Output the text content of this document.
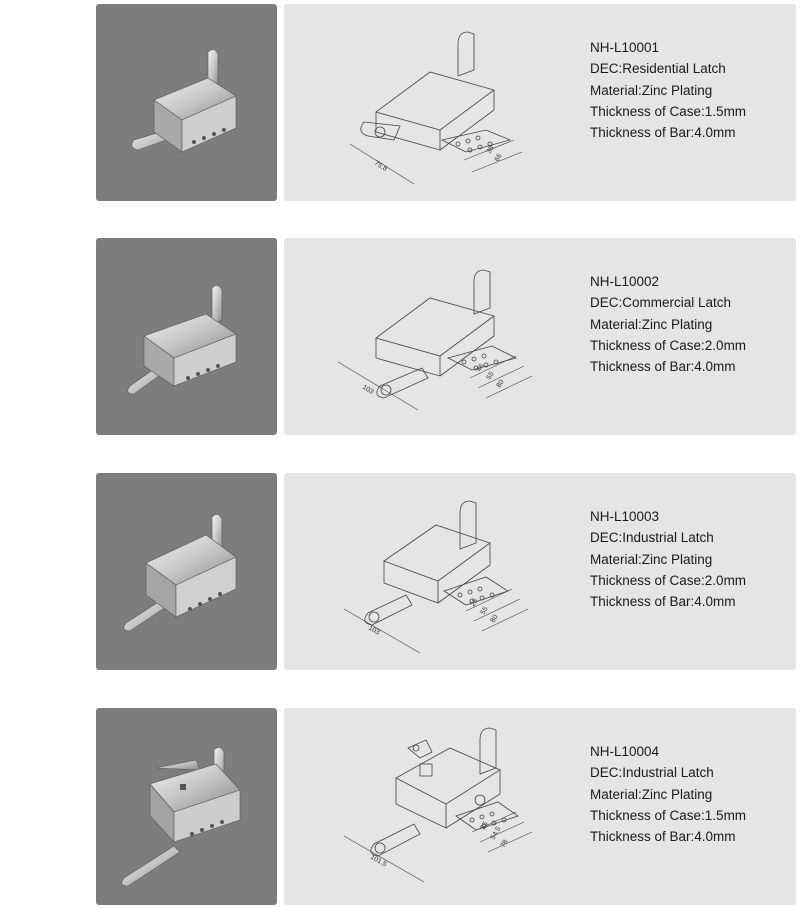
75.8
38
66
NH-L10001
DEC:Residential Latch
Material:Zinc Plating
Thickness of Case:1.5mm
Thickness of Bar:4.0mm
103
46
55
80
NH-L10002
DEC:Commercial Latch
Material:Zinc Plating
Thickness of Case:2.0mm
Thickness of Bar:4.0mm
103
25
55
80
NH-L10003
DEC:Industrial Latch
Material:Zinc Plating
Thickness of Case:2.0mm
Thickness of Bar:4.0mm
101.5
25 54.5
78
NH-L10004
DEC:Industrial Latch
Material:Zinc Plating
Thickness of Case:1.5mm
Thickness of Bar:4.0mm
